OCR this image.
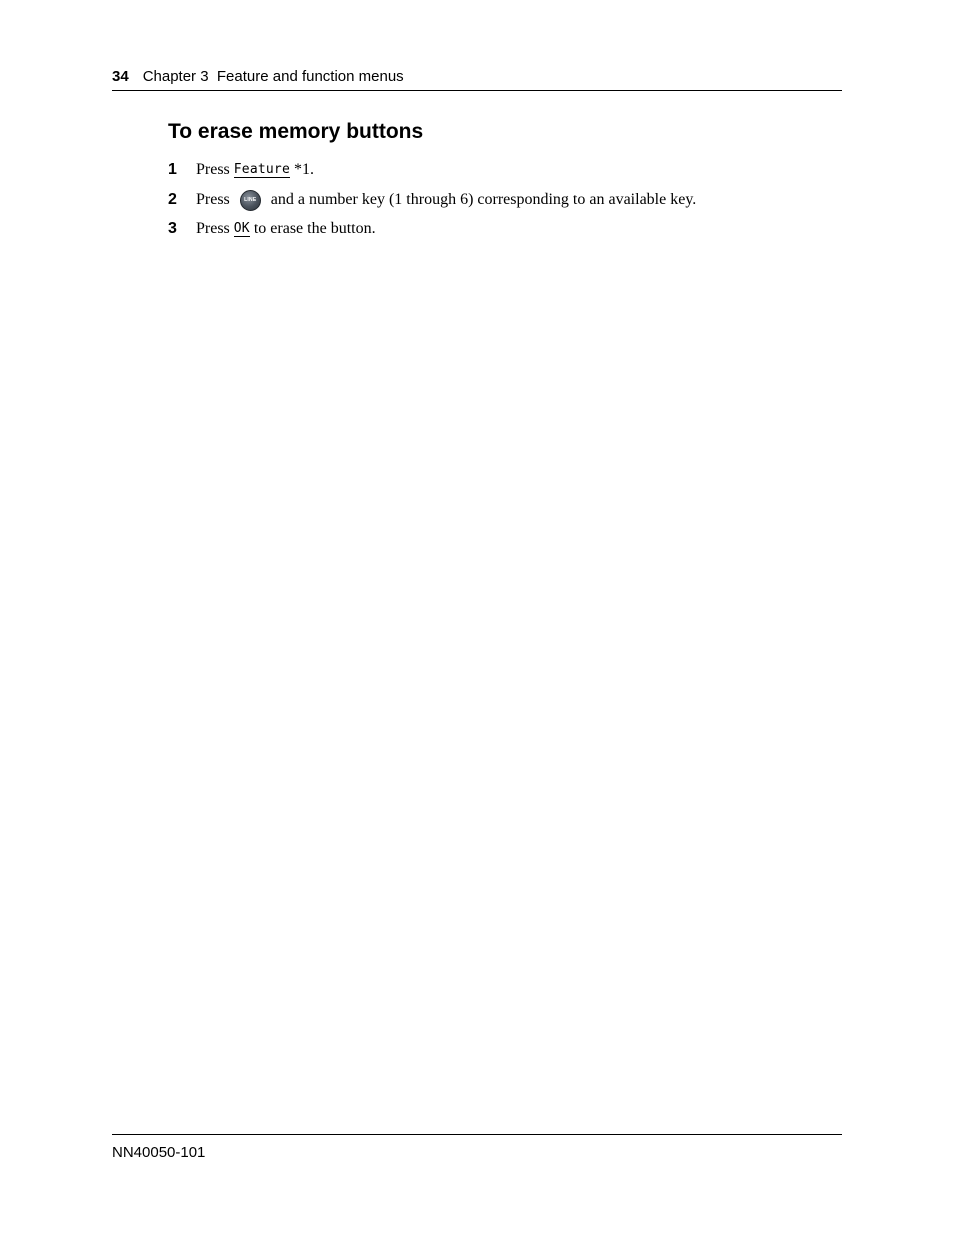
34 Chapter 3  Feature and function menus
To erase memory buttons
1	Press Feature *1.
2	Press	LINE and a number key (1 through 6) corresponding to an available key.
3	Press OK to erase the button.
NN40050-101
